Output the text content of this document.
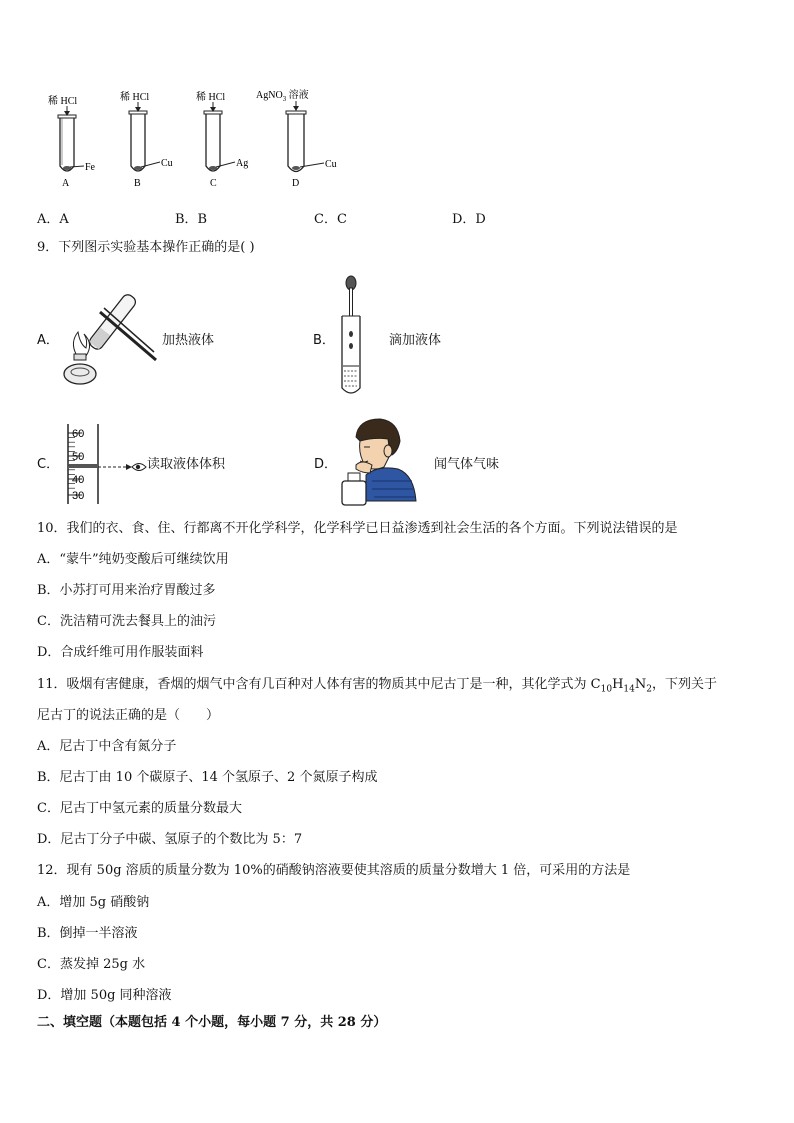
稀 HCl
Fe
A
稀 HCl
Cu
B
稀 HCl
Ag
C
AgNO$_3$ 溶液
Cu
D
A．A	B．B	C．C	D．D
9．下列图示实验基本操作正确的是( )
A．	加热液体	B．	滴加液体
C．
60
50
40
30
读取液体体积	D．	闻气体气味
10．我们的衣、食、住、行都离不开化学科学，化学科学已日益渗透到社会生活的各个方面。下列说法错误的是
A．“蒙牛”纯奶变酸后可继续饮用
B．小苏打可用来治疗胃酸过多
C．洗洁精可洗去餐具上的油污
D．合成纤维可用作服装面料
11．吸烟有害健康，香烟的烟气中含有几百种对人体有害的物质其中尼古丁是一种，其化学式为 $C_{10}H_{14}N_2$，下列关于
尼古丁的说法正确的是（　　）
A．尼古丁中含有氮分子
B．尼古丁由 10 个碳原子、14 个氢原子、2 个氮原子构成
C．尼古丁中氢元素的质量分数最大
D．尼古丁分子中碳、氢原子的个数比为 5：7
12．现有 50g 溶质的质量分数为 10%的硝酸钠溶液要使其溶质的质量分数增大 1 倍，可采用的方法是
A．增加 5g 硝酸钠
B．倒掉一半溶液
C．蒸发掉 25g 水
D．增加 50g 同种溶液
二、填空题（本题包括 4 个小题，每小题 7 分，共 28 分）
